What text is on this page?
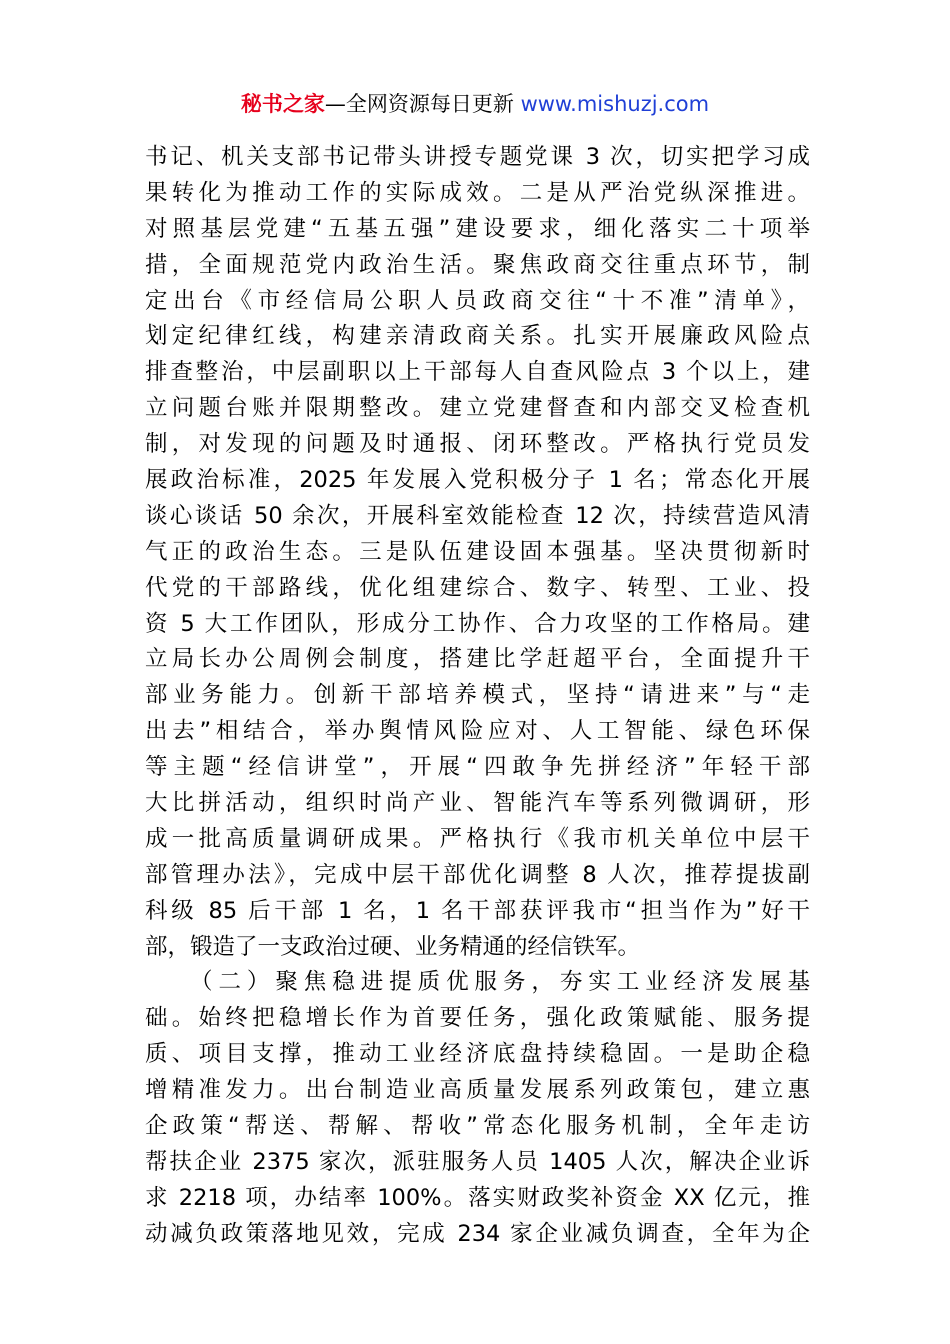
秘书之家—全网资源每日更新 www.mishuzj.com
书记、机关支部书记带头讲授专题党课 3 次，切实把学习成
果转化为推动工作的实际成效。二是从严治党纵深推进。
对照基层党建“五基五强”建设要求，细化落实二十项举
措，全面规范党内政治生活。聚焦政商交往重点环节，制
定出台《市经信局公职人员政商交往“十不准”清单》，
划定纪律红线，构建亲清政商关系。扎实开展廉政风险点
排查整治，中层副职以上干部每人自查风险点 3 个以上，建
立问题台账并限期整改。建立党建督查和内部交叉检查机
制，对发现的问题及时通报、闭环整改。严格执行党员发
展政治标准，2025 年发展入党积极分子 1 名；常态化开展
谈心谈话 50 余次，开展科室效能检查 12 次，持续营造风清
气正的政治生态。三是队伍建设固本强基。坚决贯彻新时
代党的干部路线，优化组建综合、数字、转型、工业、投
资 5 大工作团队，形成分工协作、合力攻坚的工作格局。建
立局长办公周例会制度，搭建比学赶超平台，全面提升干
部业务能力。创新干部培养模式，坚持“请进来”与“走
出去”相结合，举办舆情风险应对、人工智能、绿色环保
等主题“经信讲堂”，开展“四敢争先拼经济”年轻干部
大比拼活动，组织时尚产业、智能汽车等系列微调研，形
成一批高质量调研成果。严格执行《我市机关单位中层干
部管理办法》，完成中层干部优化调整 8 人次，推荐提拔副
科级 85 后干部 1 名，1 名干部获评我市“担当作为”好干
部，锻造了一支政治过硬、业务精通的经信铁军。
（二）聚焦稳进提质优服务，夯实工业经济发展基
础。始终把稳增长作为首要任务，强化政策赋能、服务提
质、项目支撑，推动工业经济底盘持续稳固。一是助企稳
增精准发力。出台制造业高质量发展系列政策包，建立惠
企政策“帮送、帮解、帮收”常态化服务机制，全年走访
帮扶企业 2375 家次，派驻服务人员 1405 人次，解决企业诉
求 2218 项，办结率 100%。落实财政奖补资金 XX 亿元，推
动减负政策落地见效，完成 234 家企业减负调查，全年为企
